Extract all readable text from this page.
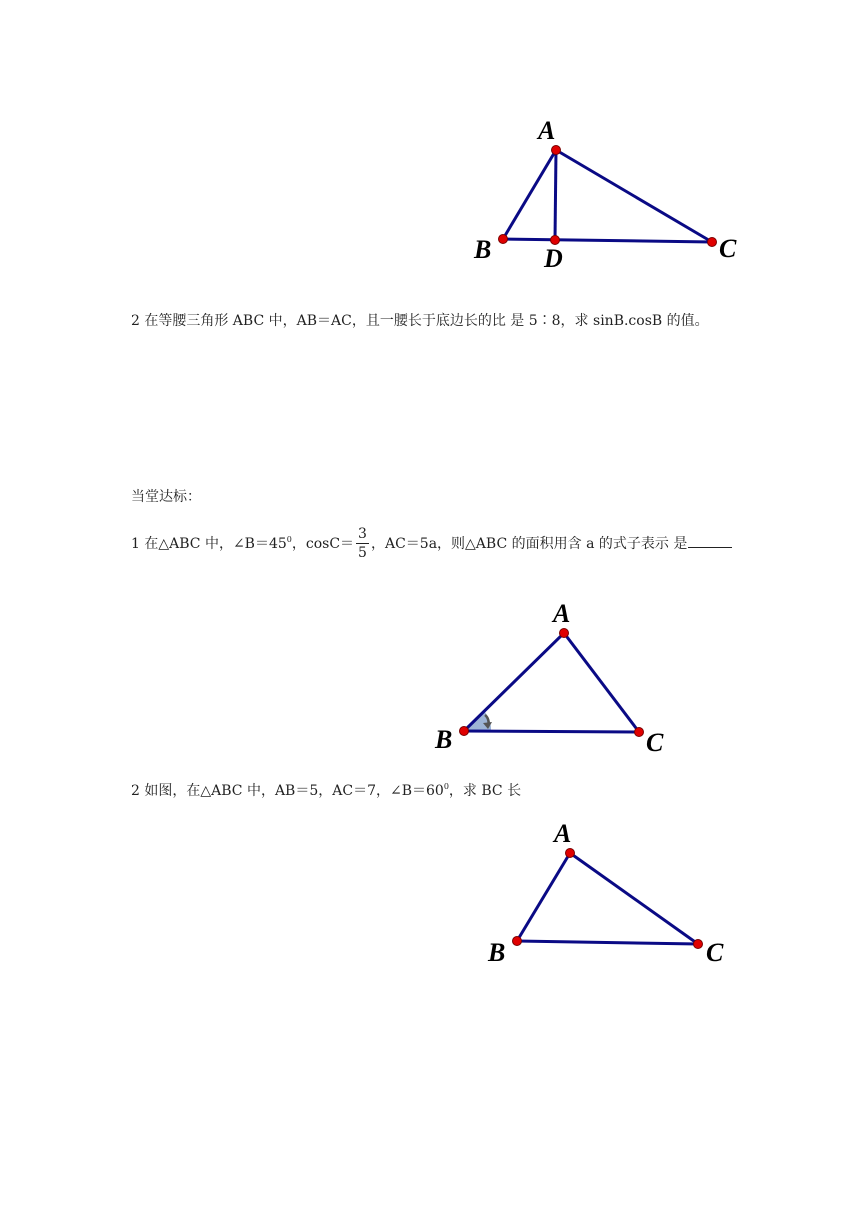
A
B	C
D
2 在等腰三角形 ABC 中，AB＝AC，且一腰长于底边长的比 是 5∶8，求 sinB.cosB 的值。
当堂达标：
1 在△ABC 中，$\angle B=45^0$，$\cos C= \frac{3}{5}$ ，AC＝5a，则△ABC 的面积用含 a 的式子表示 是
A
B	C
2 如图，在△ABC 中，AB＝5，AC＝7，$\angle B=60^0$，求 BC 长
A
B	C
